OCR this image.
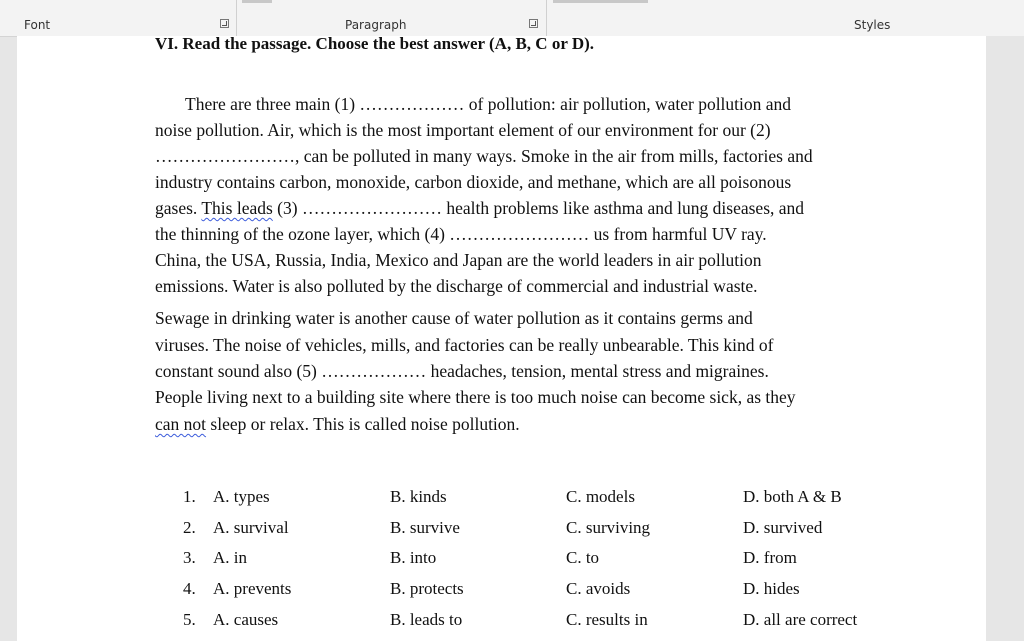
Font	Paragraph	Styles
VI. Read the passage. Choose the best answer (A, B, C or D).
There are three main (1) ……………… of pollution: air pollution, water pollution and
noise pollution. Air, which is the most important element of our environment for our (2)
……………………, can be polluted in many ways. Smoke in the air from mills, factories and
industry contains carbon, monoxide, carbon dioxide, and methane, which are all poisonous
gases. This leads (3) …………………… health problems like asthma and lung diseases, and
the thinning of the ozone layer, which (4) …………………… us from harmful UV ray.
China, the USA, Russia, India, Mexico and Japan are the world leaders in air pollution
emissions. Water is also polluted by the discharge of commercial and industrial waste.
Sewage in drinking water is another cause of water pollution as it contains germs and
viruses. The noise of vehicles, mills, and factories can be really unbearable. This kind of
constant sound also (5) ……………… headaches, tension, mental stress and migraines.
People living next to a building site where there is too much noise can become sick, as they
can not sleep or relax. This is called noise pollution.
1. A. types	B. kinds	C. models	D. both A & B
2. A. survival	B. survive	C. surviving	D. survived
3. A. in	B. into	C. to	D. from
4. A. prevents	B. protects	C. avoids	D. hides
5. A. causes	B. leads to	C. results in	D. all are correct
